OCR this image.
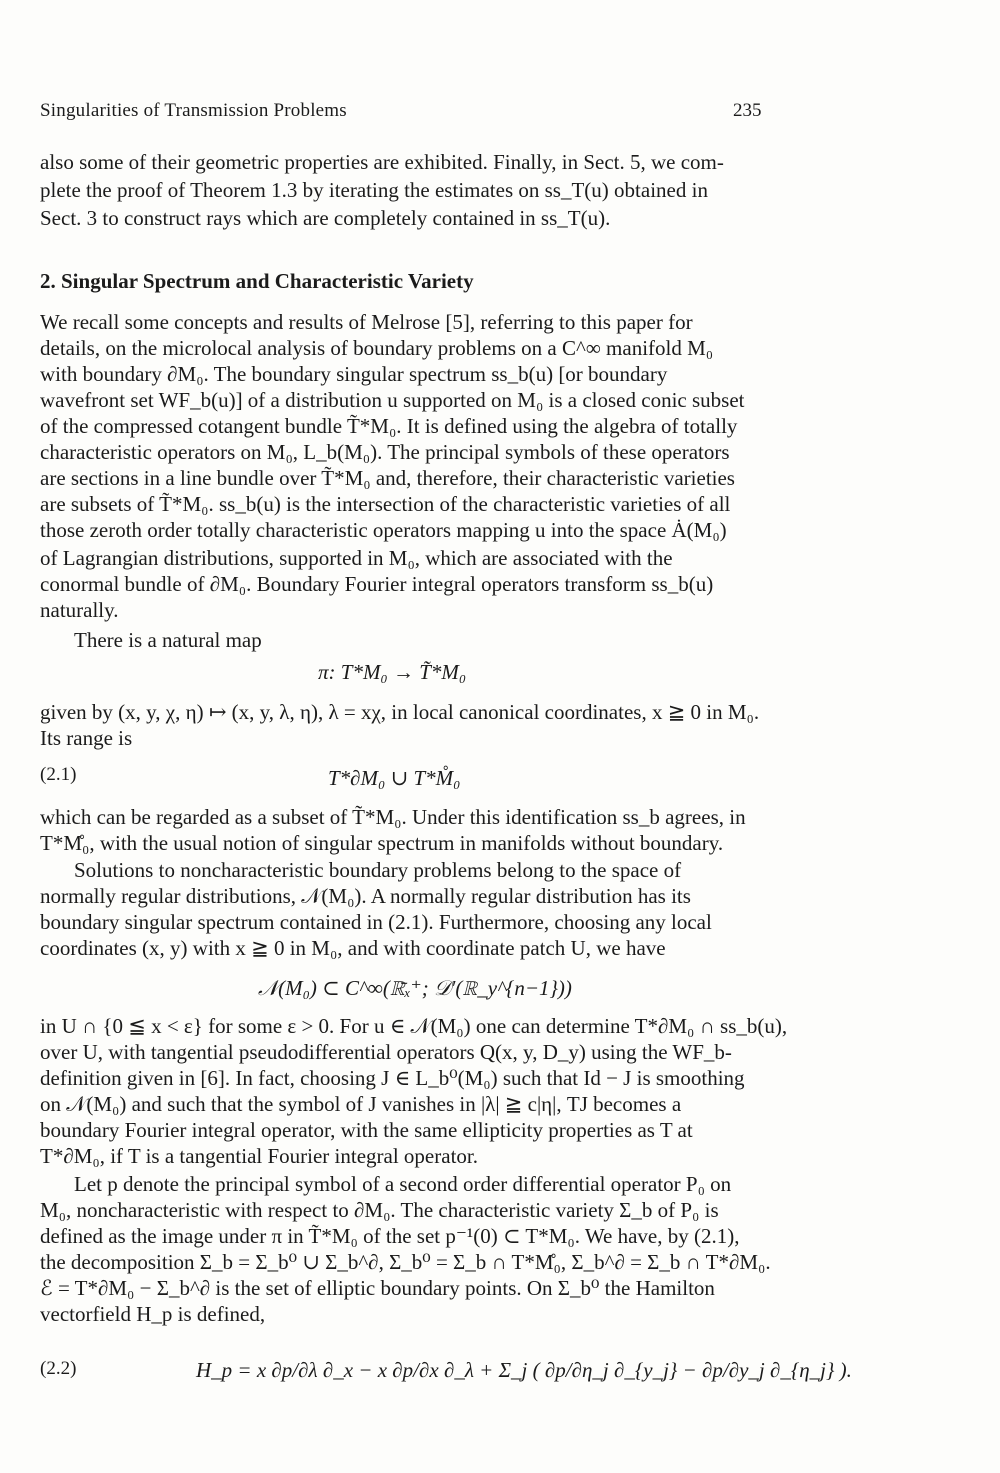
Singularities of Transmission Problems	235
also some of their geometric properties are exhibited. Finally, in Sect. 5, we com-
plete the proof of Theorem 1.3 by iterating the estimates on ss_T(u) obtained in
Sect. 3 to construct rays which are completely contained in ss_T(u).
2. Singular Spectrum and Characteristic Variety
We recall some concepts and results of Melrose [5], referring to this paper for
details, on the microlocal analysis of boundary problems on a C^∞ manifold M₀
with boundary ∂M₀. The boundary singular spectrum ss_b(u) [or boundary
wavefront set WF_b(u)] of a distribution u supported on M₀ is a closed conic subset
of the compressed cotangent bundle T̃*M₀. It is defined using the algebra of totally
characteristic operators on M₀, L_b(M₀). The principal symbols of these operators
are sections in a line bundle over T̃*M₀ and, therefore, their characteristic varieties
are subsets of T̃*M₀. ss_b(u) is the intersection of the characteristic varieties of all
those zeroth order totally characteristic operators mapping u into the space Ȧ(M₀)
of Lagrangian distributions, supported in M₀, which are associated with the
conormal bundle of ∂M₀. Boundary Fourier integral operators transform ss_b(u)
naturally.
There is a natural map
π: T*M₀ → T̃*M₀
given by (x, y, χ, η) ↦ (x, y, λ, η), λ = xχ, in local canonical coordinates, x ≧ 0 in M₀.
Its range is
(2.1)	T*∂M₀ ∪ T*M̊₀
which can be regarded as a subset of T̃*M₀. Under this identification ss_b agrees, in
T*M̊₀, with the usual notion of singular spectrum in manifolds without boundary.
Solutions to noncharacteristic boundary problems belong to the space of
normally regular distributions, 𝒩(M₀). A normally regular distribution has its
boundary singular spectrum contained in (2.1). Furthermore, choosing any local
coordinates (x, y) with x ≧ 0 in M₀, and with coordinate patch U, we have
𝒩(M₀) ⊂ C^∞(ℝ̄ₓ⁺; 𝒟′(ℝ_y^{n−1}))
in U ∩ {0 ≦ x < ε} for some ε > 0. For u ∈ 𝒩(M₀) one can determine T*∂M₀ ∩ ss_b(u),
over U, with tangential pseudodifferential operators Q(x, y, D_y) using the WF_b-
definition given in [6]. In fact, choosing J ∈ L_b⁰(M₀) such that Id − J is smoothing
on 𝒩(M₀) and such that the symbol of J vanishes in |λ| ≧ c|η|, TJ becomes a
boundary Fourier integral operator, with the same ellipticity properties as T at
T*∂M₀, if T is a tangential Fourier integral operator.
Let p denote the principal symbol of a second order differential operator P₀ on
M₀, noncharacteristic with respect to ∂M₀. The characteristic variety Σ_b of P₀ is
defined as the image under π in T̃*M₀ of the set p⁻¹(0) ⊂ T*M₀. We have, by (2.1),
the decomposition Σ_b = Σ_b⁰ ∪ Σ_b^∂, Σ_b⁰ = Σ_b ∩ T*M̊₀, Σ_b^∂ = Σ_b ∩ T*∂M₀.
ℰ = T*∂M₀ − Σ_b^∂ is the set of elliptic boundary points. On Σ_b⁰ the Hamilton
vectorfield H_p is defined,
(2.2)	H_p = x ∂p/∂λ ∂_x − x ∂p/∂x ∂_λ + Σ_j ( ∂p/∂η_j ∂_{y_j} − ∂p/∂y_j ∂_{η_j} ).
